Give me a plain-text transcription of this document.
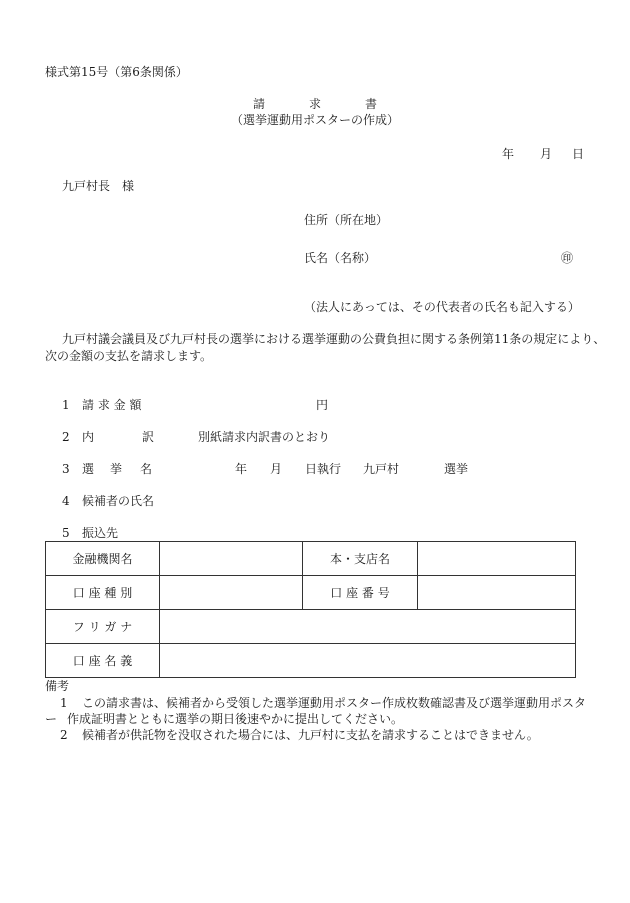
様式第15号（第6条関係）
請	求	書
（選挙運動用ポスターの作成）
年 月 日
九戸村長　様
住所（所在地）
氏名（名称）	㊞
（法人にあっては、その代表者の氏名も記入する）
九戸村議会議員及び九戸村長の選挙における選挙運動の公費負担に関する条例第11条の規定により、
次の金額の支払を請求します。
1 請 求 金 額	円
2 内	訳	別紙請求内訳書のとおり
3 選 挙 名	年 月 日執行 九戸村	選挙
4 候補者の氏名
5 振込先
金融機関名		本・支店名	
口 座 種 別		口 座 番 号	
フ リ ガ ナ			
口 座 名 義			
備考
1 この請求書は、候補者から受領した選挙運動用ポスター作成枚数確認書及び選挙運動用ポスター 作成証明書とともに選挙の期日後速やかに提出してください。
2 候補者が供託物を没収された場合には、九戸村に支払を請求することはできません。
